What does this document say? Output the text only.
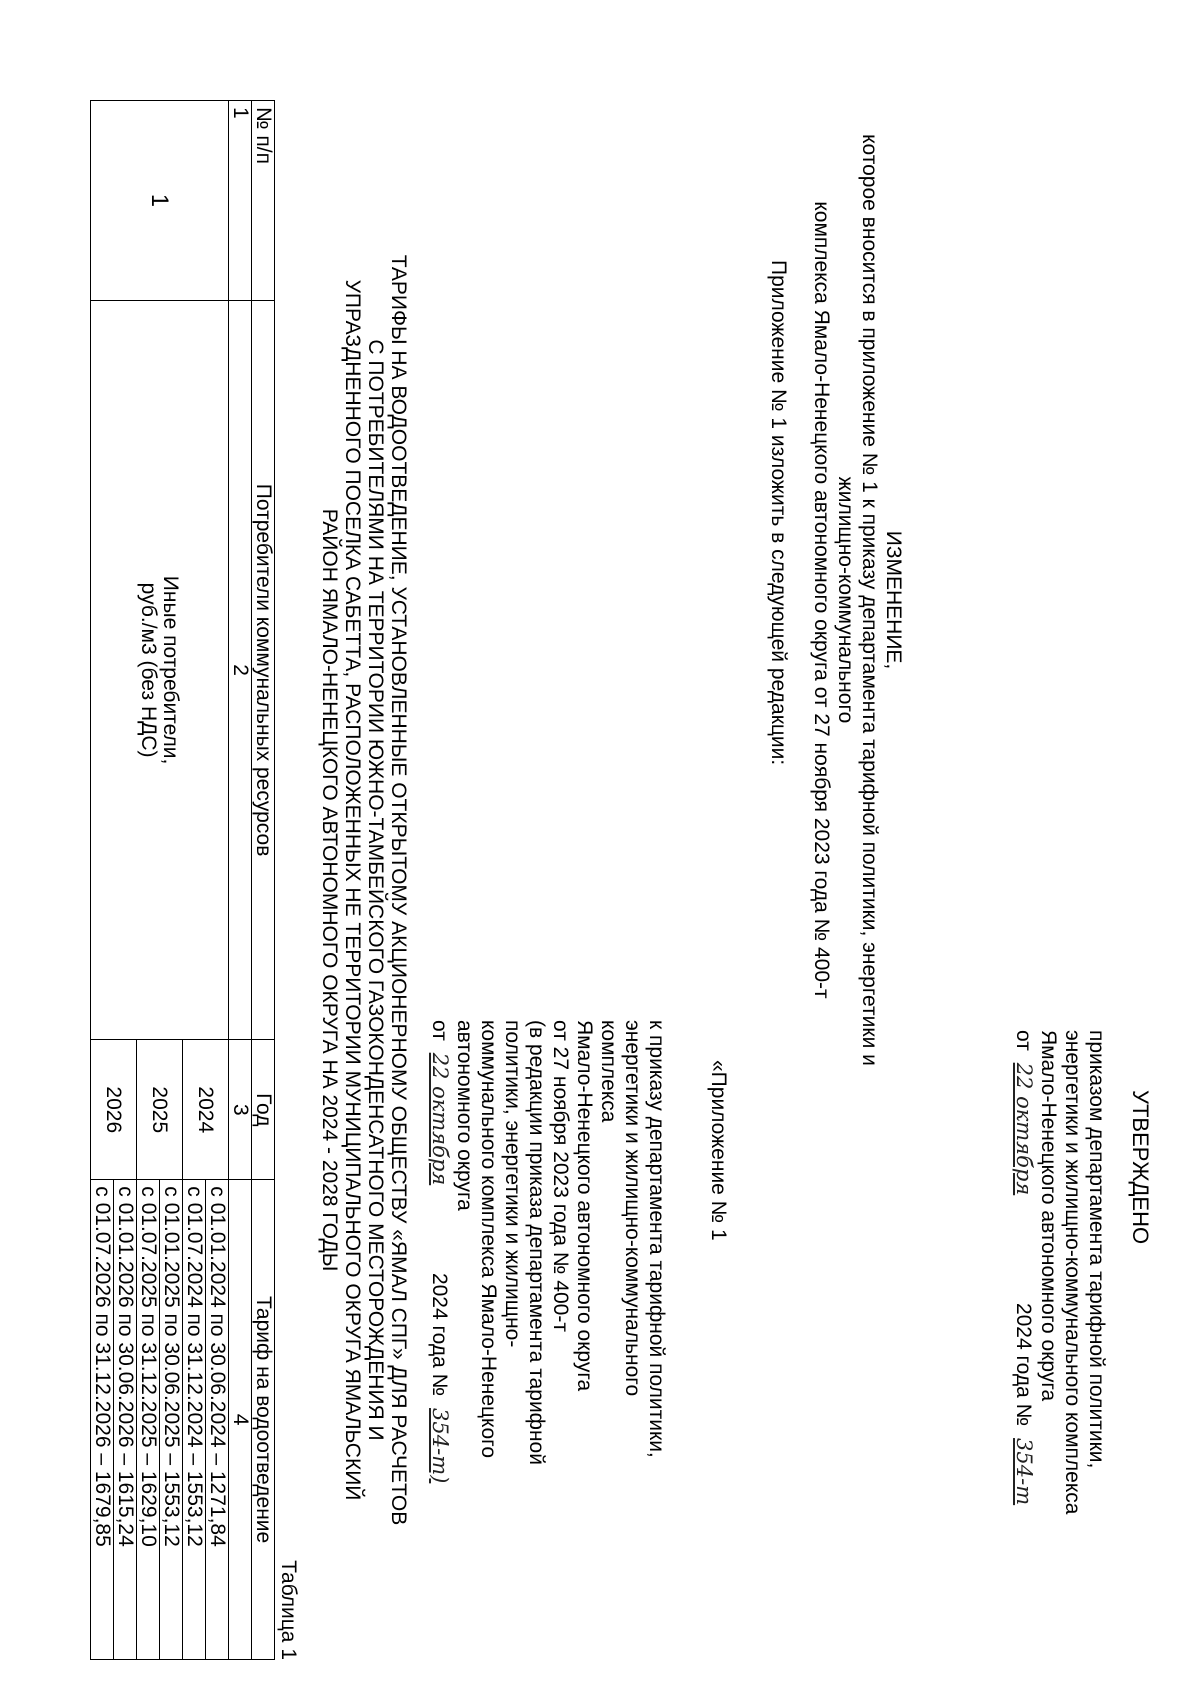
УТВЕРЖДЕНО
приказом департамента тарифной политики,
энергетики и жилищно-коммунального комплекса
Ямало-Ненецкого автономного округа
от 22 октября  2024 года № 354-т
ИЗМЕНЕНИЕ,
которое вносится в приложение № 1 к приказу департамента тарифной политики, энергетики и жилищно-коммунального
комплекса Ямало-Ненецкого автономного округа от 27 ноября 2023 года № 400-т
Приложение № 1 изложить в следующей редакции:
«Приложение № 1
к приказу департамента тарифной политики,
энергетики и жилищно-коммунального
комплекса
Ямало-Ненецкого автономного округа
от 27 ноября 2023 года № 400-т
(в редакции приказа департамента тарифной
политики, энергетики и жилищно-
коммунального комплекса Ямало-Ненецкого
автономного округа
от 22 октября  2024 года № 354-т)
ТАРИФЫ НА ВОДООТВЕДЕНИЕ, УСТАНОВЛЕННЫЕ ОТКРЫТОМУ АКЦИОНЕРНОМУ ОБЩЕСТВУ «ЯМАЛ СПГ» ДЛЯ РАСЧЕТОВ
С ПОТРЕБИТЕЛЯМИ НА ТЕРРИТОРИИ ЮЖНО-ТАМБЕЙСКОГО ГАЗОКОНДЕНСАТНОГО МЕСТОРОЖДЕНИЯ И
УПРАЗДНЕННОГО ПОСЕЛКА САБЕТТА, РАСПОЛОЖЕННЫХ НЕ ТЕРРИТОРИИ МУНИЦИПАЛЬНОГО ОКРУГА ЯМАЛЬСКИЙ
РАЙОН ЯМАЛО-НЕНЕЦКОГО АВТОНОМНОГО ОКРУГА НА 2024 - 2028 ГОДЫ
Таблица 1
№ п/п	Потребители коммунальных ресурсов	Год	Тариф на водоотведение
1	2	3	4
1	Иные потребители,
руб./м3 (без НДС)	2024	с 01.01.2024 по 30.06.2024 – 1271,84
			с 01.07.2024 по 31.12.2024 – 1553,12
		2025	с 01.01.2025 по 30.06.2025 – 1553,12
			с 01.07.2025 по 31.12.2025 – 1629,10
		2026	с 01.01.2026 по 30.06.2026 – 1615,24
			с 01.07.2026 по 31.12.2026 – 1679,85
